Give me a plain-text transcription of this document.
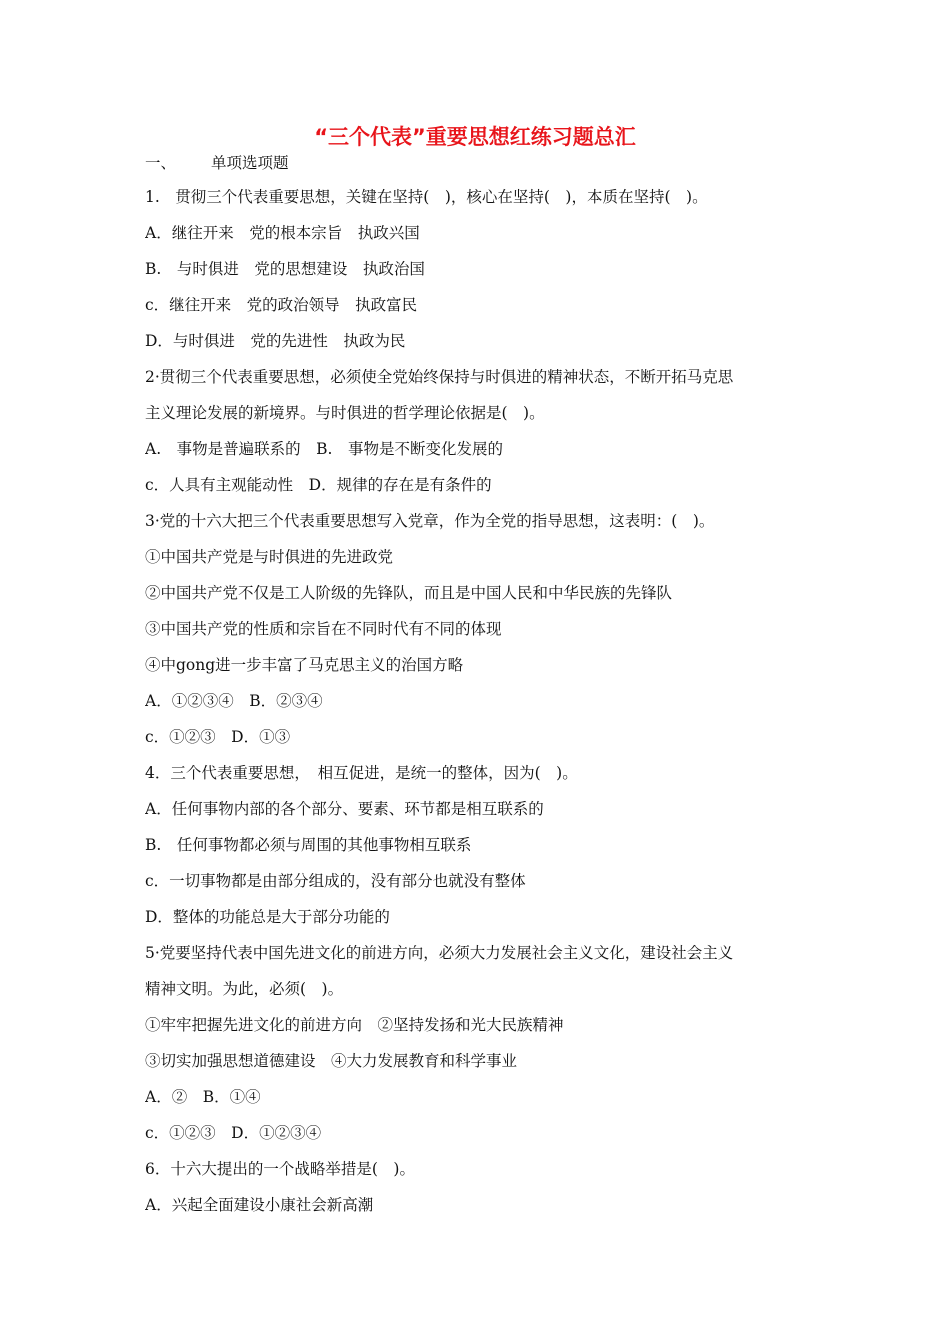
“三个代表”重要思想红练习题总汇
一、 单项选项题
1.　贯彻三个代表重要思想，关键在坚持(　)，核心在坚持(　)，本质在坚持(　)。
A．继往开来　党的根本宗旨　执政兴国
B.　与时俱进　党的思想建设　执政治国
c．继往开来　党的政治领导　执政富民
D．与时俱进　党的先进性　执政为民
2·贯彻三个代表重要思想，必须使全党始终保持与时俱进的精神状态，不断开拓马克思
主义理论发展的新境界。与时俱进的哲学理论依据是(　)。
A.　事物是普遍联系的　B.　事物是不断变化发展的
c．人具有主观能动性　D．规律的存在是有条件的
3·党的十六大把三个代表重要思想写入党章，作为全党的指导思想，这表明：(　)。
①中国共产党是与时俱进的先进政党
②中国共产党不仅是工人阶级的先锋队，而且是中国人民和中华民族的先锋队
③中国共产党的性质和宗旨在不同时代有不同的体现
④中gong进一步丰富了马克思主义的治国方略
A．①②③④　B．②③④
c．①②③　D．①③
4．三个代表重要思想，　相互促进，是统一的整体，因为(　)。
A．任何事物内部的各个部分、要素、环节都是相互联系的
B.　任何事物都必须与周围的其他事物相互联系
c．一切事物都是由部分组成的，没有部分也就没有整体
D．整体的功能总是大于部分功能的
5·党要坚持代表中国先进文化的前进方向，必须大力发展社会主义文化，建设社会主义
精神文明。为此，必须(　)。
①牢牢把握先进文化的前进方向　②坚持发扬和光大民族精神
③切实加强思想道德建设　④大力发展教育和科学事业
A．②　B．①④
c．①②③　D．①②③④
6．十六大提出的一个战略举措是(　)。
A．兴起全面建设小康社会新高潮
